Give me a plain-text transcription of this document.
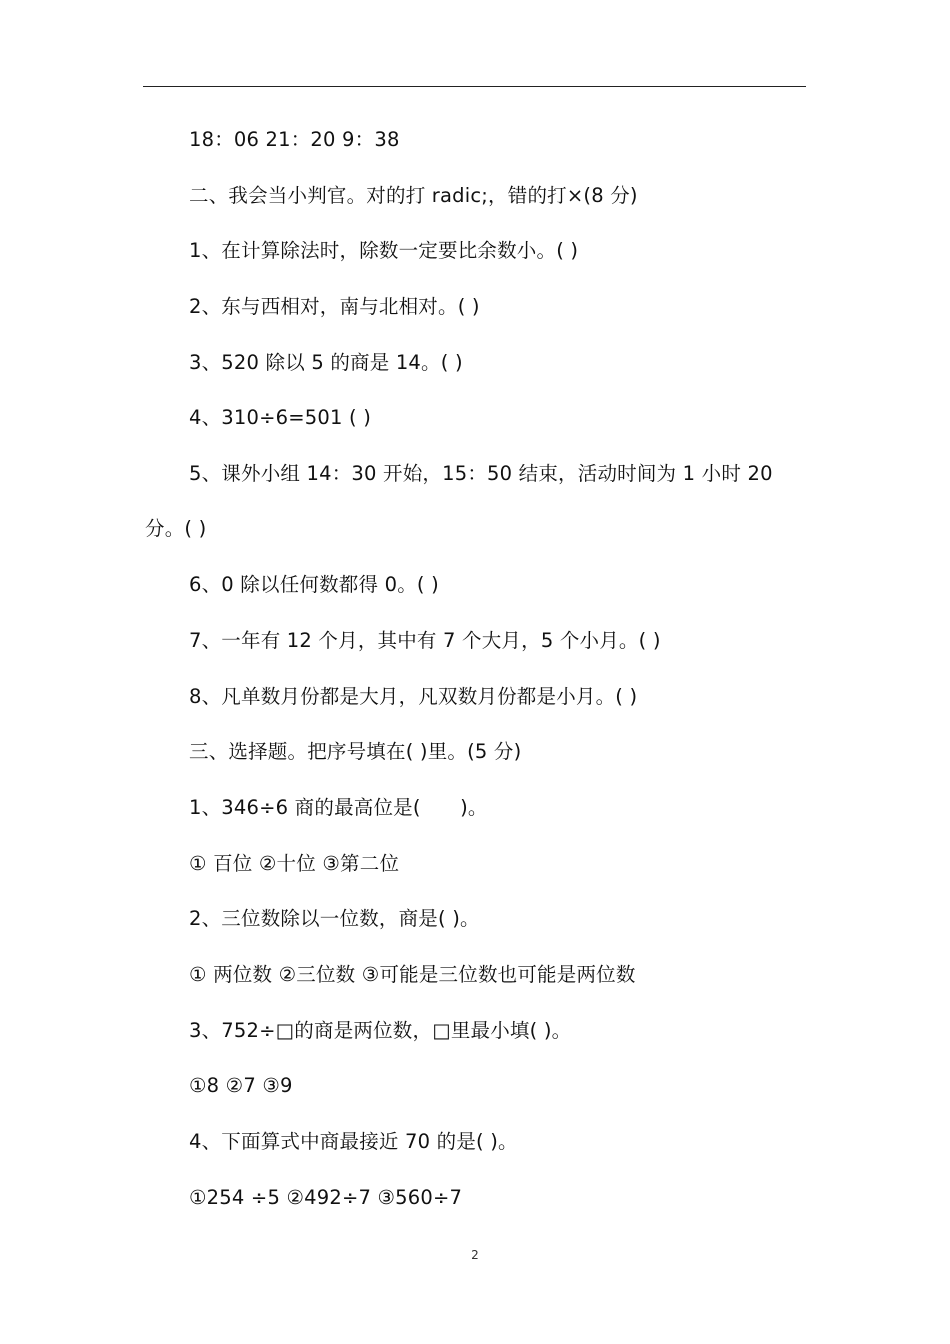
18：06 21：20 9：38
二、我会当小判官。对的打 radic;，错的打×(8 分)
1、在计算除法时，除数一定要比余数小。( )
2、东与西相对，南与北相对。( )
3、520 除以 5 的商是 14。( )
4、310÷6=501 ( )
5、课外小组 14：30 开始，15：50 结束，活动时间为 1 小时 20
分。( )
6、0 除以任何数都得 0。( )
7、一年有 12 个月，其中有 7 个大月，5 个小月。( )
8、凡单数月份都是大月，凡双数月份都是小月。( )
三、选择题。把序号填在( )里。(5 分)
1、346÷6 商的最高位是(　　)。
① 百位 ②十位 ③第二位
2、三位数除以一位数，商是( )。
① 两位数 ②三位数 ③可能是三位数也可能是两位数
3、752÷□的商是两位数，□里最小填( )。
①8 ②7 ③9
4、下面算式中商最接近 70 的是( )。
①254 ÷5 ②492÷7 ③560÷7
2
